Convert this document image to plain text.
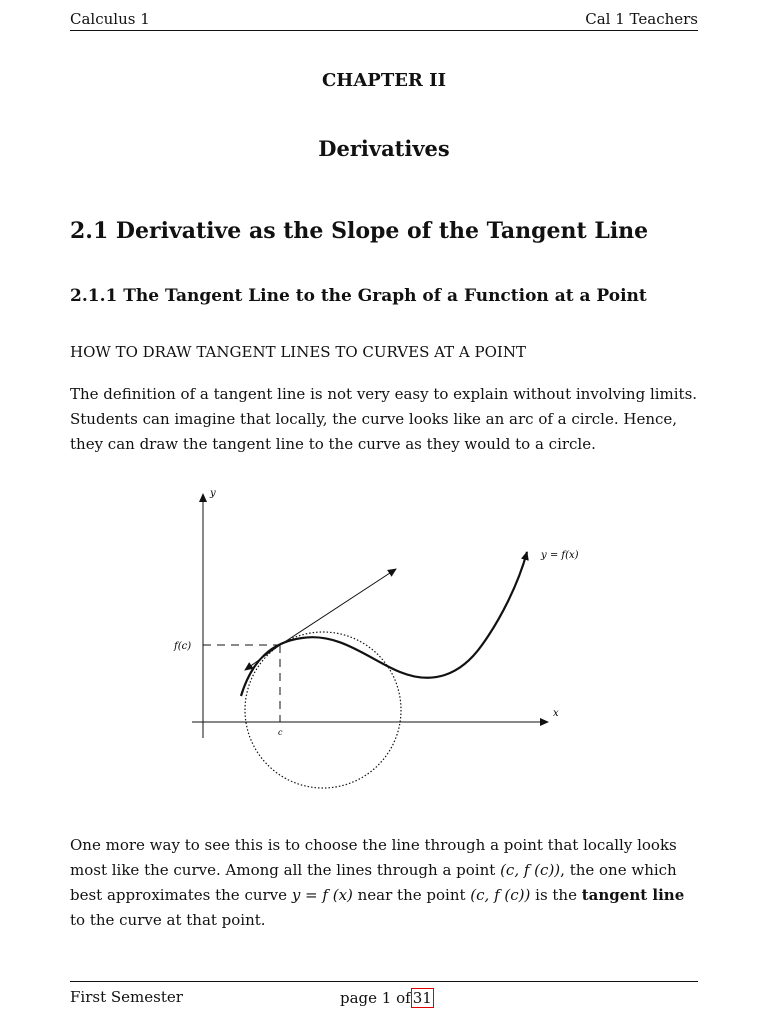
Calculus 1	Cal 1 Teachers
CHAPTER II
Derivatives
2.1 Derivative as the Slope of the Tangent Line
2.1.1 The Tangent Line to the Graph of a Function at a Point
HOW TO DRAW TANGENT LINES TO CURVES AT A POINT
The definition of a tangent line is not very easy to explain without involving limits. Students can imagine that locally, the curve looks like an arc of a circle. Hence, they can draw the tangent line to the curve as they would to a circle.
y
x
f(c)
c
y = f(x)
One more way to see this is to choose the line through a point that locally looks most like the curve. Among all the lines through a point (c, f (c)), the one which best approximates the curve y = f (x) near the point (c, f (c)) is the tangent line to the curve at that point.
First Semester	page 1 of 31
